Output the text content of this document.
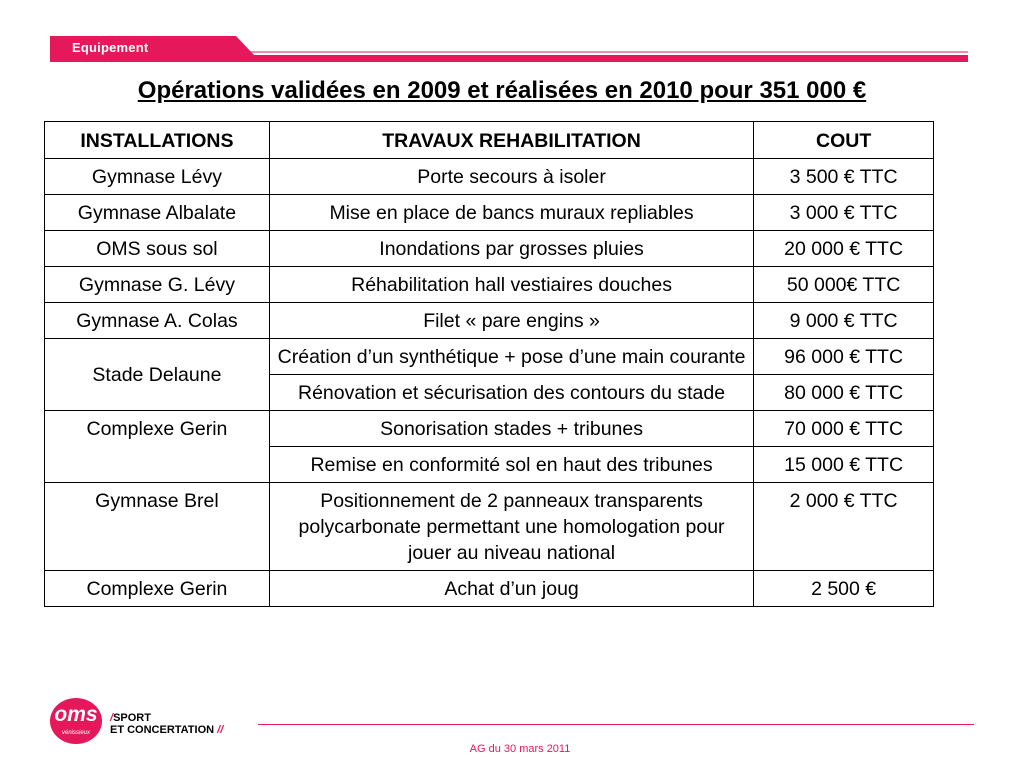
Equipement
Opérations validées en 2009 et réalisées en 2010 pour 351 000 €
INSTALLATIONS	TRAVAUX REHABILITATION	COUT
Gymnase Lévy	Porte secours à isoler	3 500 € TTC
Gymnase Albalate	Mise en place de bancs muraux repliables	3 000 € TTC
OMS sous sol	Inondations par grosses pluies	20 000 € TTC
Gymnase G. Lévy	Réhabilitation hall vestiaires douches	50 000€ TTC
Gymnase A. Colas	Filet « pare engins »	9 000 € TTC
Stade Delaune	Création d’un synthétique + pose d’une main courante	96 000 € TTC
	Rénovation et sécurisation des contours du stade	80 000 € TTC
Complexe Gerin	Sonorisation stades + tribunes	70 000 € TTC
	Remise en conformité sol en haut des tribunes	15 000 € TTC
Gymnase Brel	Positionnement de 2 panneaux transparents polycarbonate permettant une homologation pour jouer au niveau national	2 000 € TTC
Complexe Gerin	Achat d’un joug	2 500 €
oms
vénissieux
/SPORT
ET CONCERTATION //
AG du 30 mars 2011
